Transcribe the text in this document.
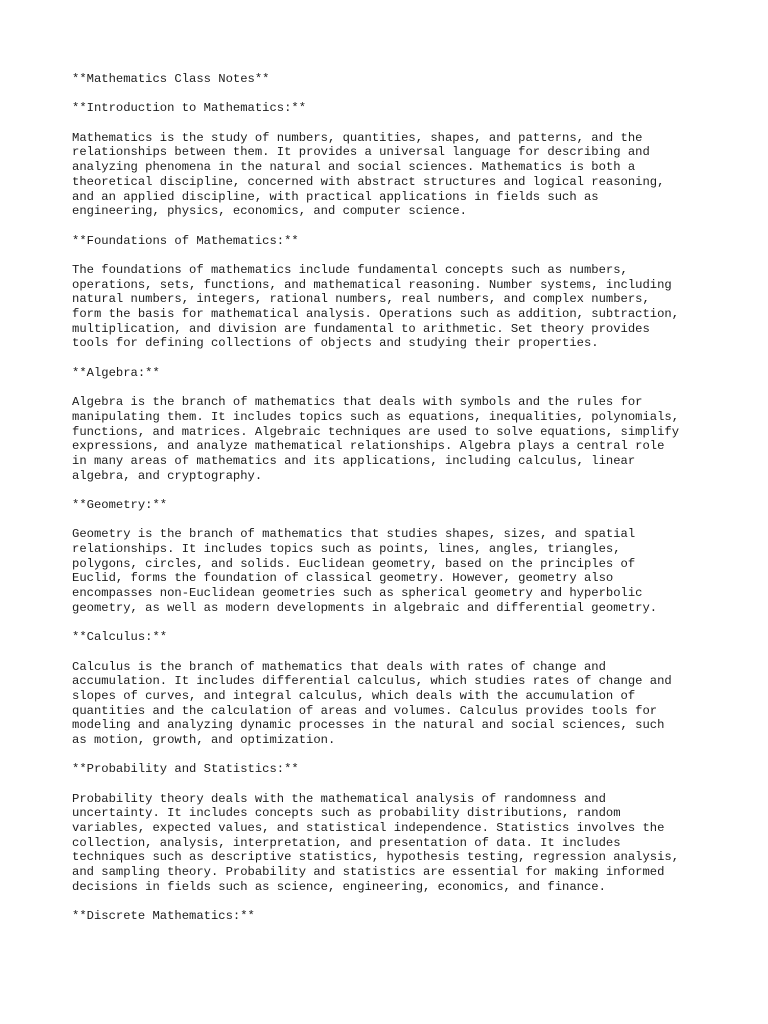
**Mathematics Class Notes**
**Introduction to Mathematics:**
Mathematics is the study of numbers, quantities, shapes, and patterns, and the
relationships between them. It provides a universal language for describing and
analyzing phenomena in the natural and social sciences. Mathematics is both a
theoretical discipline, concerned with abstract structures and logical reasoning,
and an applied discipline, with practical applications in fields such as
engineering, physics, economics, and computer science.
**Foundations of Mathematics:**
The foundations of mathematics include fundamental concepts such as numbers,
operations, sets, functions, and mathematical reasoning. Number systems, including
natural numbers, integers, rational numbers, real numbers, and complex numbers,
form the basis for mathematical analysis. Operations such as addition, subtraction,
multiplication, and division are fundamental to arithmetic. Set theory provides
tools for defining collections of objects and studying their properties.
**Algebra:**
Algebra is the branch of mathematics that deals with symbols and the rules for
manipulating them. It includes topics such as equations, inequalities, polynomials,
functions, and matrices. Algebraic techniques are used to solve equations, simplify
expressions, and analyze mathematical relationships. Algebra plays a central role
in many areas of mathematics and its applications, including calculus, linear
algebra, and cryptography.
**Geometry:**
Geometry is the branch of mathematics that studies shapes, sizes, and spatial
relationships. It includes topics such as points, lines, angles, triangles,
polygons, circles, and solids. Euclidean geometry, based on the principles of
Euclid, forms the foundation of classical geometry. However, geometry also
encompasses non-Euclidean geometries such as spherical geometry and hyperbolic
geometry, as well as modern developments in algebraic and differential geometry.
**Calculus:**
Calculus is the branch of mathematics that deals with rates of change and
accumulation. It includes differential calculus, which studies rates of change and
slopes of curves, and integral calculus, which deals with the accumulation of
quantities and the calculation of areas and volumes. Calculus provides tools for
modeling and analyzing dynamic processes in the natural and social sciences, such
as motion, growth, and optimization.
**Probability and Statistics:**
Probability theory deals with the mathematical analysis of randomness and
uncertainty. It includes concepts such as probability distributions, random
variables, expected values, and statistical independence. Statistics involves the
collection, analysis, interpretation, and presentation of data. It includes
techniques such as descriptive statistics, hypothesis testing, regression analysis,
and sampling theory. Probability and statistics are essential for making informed
decisions in fields such as science, engineering, economics, and finance.
**Discrete Mathematics:**
